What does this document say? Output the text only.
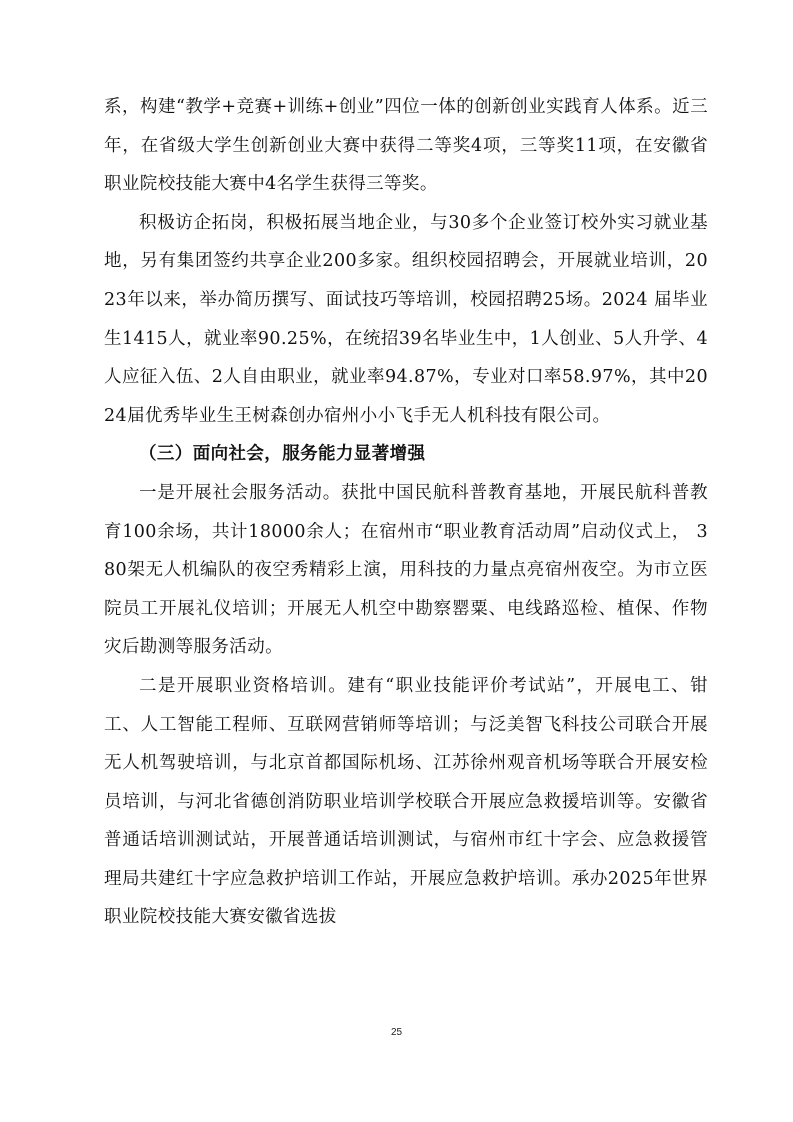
系，构建“教学+竞赛+训练+创业”四位一体的创新创业实践育人体系。近三年，在省级大学生创新创业大赛中获得二等奖4项，三等奖11项，在安徽省职业院校技能大赛中4名学生获得三等奖。

积极访企拓岗，积极拓展当地企业，与30多个企业签订校外实习就业基地，另有集团签约共享企业200多家。组织校园招聘会，开展就业培训，2023年以来，举办简历撰写、面试技巧等培训，校园招聘25场。2024 届毕业生1415人，就业率90.25%，在统招39名毕业生中，1人创业、5人升学、4人应征入伍、2人自由职业，就业率94.87%，专业对口率58.97%，其中2024届优秀毕业生王树森创办宿州小小飞手无人机科技有限公司。

（三）面向社会，服务能力显著增强

一是开展社会服务活动。获批中国民航科普教育基地，开展民航科普教育100余场，共计18000余人；在宿州市“职业教育活动周”启动仪式上， 380架无人机编队的夜空秀精彩上演，用科技的力量点亮宿州夜空。为市立医院员工开展礼仪培训；开展无人机空中勘察罂粟、电线路巡检、植保、作物灾后勘测等服务活动。

二是开展职业资格培训。建有“职业技能评价考试站”，开展电工、钳工、人工智能工程师、互联网营销师等培训；与泛美智飞科技公司联合开展无人机驾驶培训，与北京首都国际机场、江苏徐州观音机场等联合开展安检员培训，与河北省德创消防职业培训学校联合开展应急救援培训等。安徽省普通话培训测试站，开展普通话培训测试，与宿州市红十字会、应急救援管理局共建红十字应急救护培训工作站，开展应急救护培训。承办2025年世界职业院校技能大赛安徽省选拔

25
